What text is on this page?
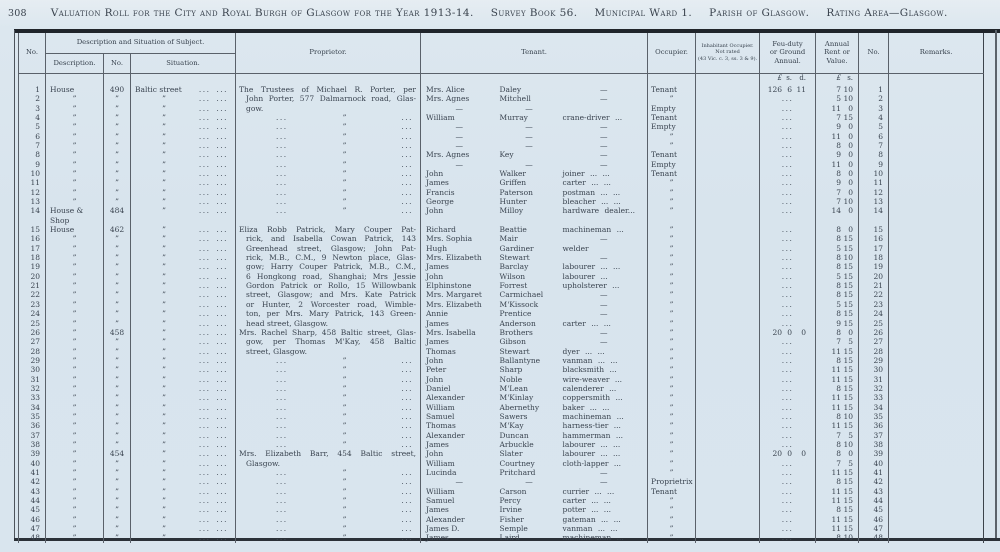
308 Valuation Roll for the City and Royal Burgh of Glasgow for the Year 1913-14. Survey Book 56. Municipal Ward 1. Parish of Glasgow. Rating Area—Glasgow.
No.	Description and Situation of Subject.			Proprietor.	Tenant.			Occupier.	Inhabitant Occupier.
Not rated
(43 Vic. c. 3, ss. 3 & 9).	Feu-duty or Ground Annual.	Annual Rent or Value.	No.	Remarks.
	Description.	No.	Situation.										

										£ s. d.	£ s.		

1	House	490	Baltic street ... ...	The Trustees of Michael R. Porter, per	Mrs. Alice	Daley	—	Tenant		126 6 11	7 10	1	
2	”	”	” ... ...	John Porter, 577 Dalmarnock road, Glas-	Mrs. Agnes	Mitchell	—	”		...	5 10	2	
3	”	”	” ... ...	gow.	—	—		Empty		...	11 0	3	
4	”	”	” ... ...	... ” ...	William	Murray	crane-driver ...	Tenant		...	7 15	4	
5	”	”	” ... ...	... ” ...	—	—	—	Empty		...	9 0	5	
6	”	”	” ... ...	... ” ...	—	—	—	”		...	11 0	6	
7	”	”	” ... ...	... ” ...	—	—	—	”		...	8 0	7	
8	”	”	” ... ...	... ” ...	Mrs. Agnes	Key	—	Tenant		...	9 0	8	
9	”	”	” ... ...	... ” ...	—	—	—	Empty		...	11 0	9	
10	”	”	” ... ...	... ” ...	John	Walker	joiner ... ...	Tenant		...	8 0	10	
11	”	”	” ... ...	... ” ...	James	Griffen	carter ... ...	”		...	9 0	11	
12	”	”	” ... ...	... ” ...	Francis	Paterson	postman ... ...	”		...	7 0	12	
13	”	”	” ... ...	... ” ...	George	Hunter	bleacher ... ...	”		...	7 10	13	
14	House & Shop	484	” ... ...	... ” ...	John	Milloy	hardware dealer...	”		...	14 0	14	
15	House	462	” ... ...	Eliza Robb Patrick, Mary Couper Pat-	Richard	Beattie	machineman ...	”		...	8 0	15	
16	”	”	” ... ...	rick, and Isabella Cowan Patrick, 143	Mrs. Sophia	Mair	—	”		...	8 15	16	
17	”	”	” ... ...	Greenhead street, Glasgow; John Pat-	Hugh	Gardiner	welder	”		...	5 15	17	
18	”	”	” ... ...	rick, M.B., C.M., 9 Newton place, Glas-	Mrs. Elizabeth	Stewart	—	”		...	8 10	18	
19	”	”	” ... ...	gow; Harry Couper Patrick, M.B., C.M.,	James	Barclay	labourer ... ...	”		...	8 15	19	
20	”	”	” ... ...	6 Hongkong road, Shanghai; Mrs Jessie	John	Wilson	labourer ...	”		...	5 15	20	
21	”	”	” ... ...	Gordon Patrick or Rollo, 15 Willowbank	Elphinstone	Forrest	upholsterer ...	”		...	8 15	21	
22	”	”	” ... ...	street, Glasgow; and Mrs. Kate Patrick	Mrs. Margaret	Carmichael	—	”		...	8 15	22	
23	”	”	” ... ...	or Hunter, 2 Worcester road, Wimble-	Mrs. Elizabeth	M'Kissock	—	”		...	5 15	23	
24	”	”	” ... ...	ton, per Mrs. Mary Patrick, 143 Green-	Annie	Prentice	—	”		...	8 15	24	
25	”	”	” ... ...	head street, Glasgow.	James	Anderson	carter ... ...	”		...	9 15	25	
26	”	458	” ... ...	Mrs. Rachel Sharp, 458 Baltic street, Glas-	Mrs. Isabella	Brothers	—	”		20 0 0	8 0	26	
27	”	”	” ... ...	gow, per Thomas M'Kay, 458 Baltic	James	Gibson	—	”		...	7 5	27	
28	”	”	” ... ...	street, Glasgow.	Thomas	Stewart	dyer ... ...	”		...	11 15	28	
29	”	”	” ... ...	... ” ...	John	Ballantyne	vanman ... ...	”		...	8 15	29	
30	”	”	” ... ...	... ” ...	Peter	Sharp	blacksmith ...	”		...	11 15	30	
31	”	”	” ... ...	... ” ...	John	Noble	wire-weaver ...	”		...	11 15	31	
32	”	”	” ... ...	... ” ...	Daniel	M'Lean	calenderer ...	”		...	8 15	32	
33	”	”	” ... ...	... ” ...	Alexander	M'Kinlay	coppersmith ...	”		...	11 15	33	
34	”	”	” ... ...	... ” ...	William	Abernethy	baker ... ...	”		...	11 15	34	
35	”	”	” ... ...	... ” ...	Samuel	Sawers	machineman ...	”		...	8 10	35	
36	”	”	” ... ...	... ” ...	Thomas	M'Kay	harness-tier ...	”		...	11 15	36	
37	”	”	” ... ...	... ” ...	Alexander	Duncan	hammerman ...	”		...	7 5	37	
38	”	”	” ... ...	... ” ...	James	Arbuckle	labourer ... ...	”		...	8 10	38	
39	”	454	” ... ...	Mrs. Elizabeth Barr, 454 Baltic street,	John	Slater	labourer ... ...	”		20 0 0	8 0	39	
40	”	”	” ... ...	Glasgow.	William	Courtney	cloth-lapper ...	”		...	7 5	40	
41	”	”	” ... ...	... ” ...	Lucinda	Pritchard	—	”		...	11 15	41	
42	”	”	” ... ...	... ” ...	—	—	—	Proprietrix		...	8 15	42	
43	”	”	” ... ...	... ” ...	William	Carson	currier ... ...	Tenant		...	11 15	43	
44	”	”	” ... ...	... ” ...	Samuel	Percy	carter ... ...	”		...	11 15	44	
45	”	”	” ... ...	... ” ...	James	Irvine	potter ... ...	”		...	8 15	45	
46	”	”	” ... ...	... ” ...	Alexander	Fisher	gateman ... ...	”		...	11 15	46	
47	”	”	” ... ...	... ” ...	James D.	Semple	vanman ... ...	”		...	11 15	47	
48	”	”	” ... ...	... ” ...	James	Laird	machineman ...	”		...	8 10	48	
